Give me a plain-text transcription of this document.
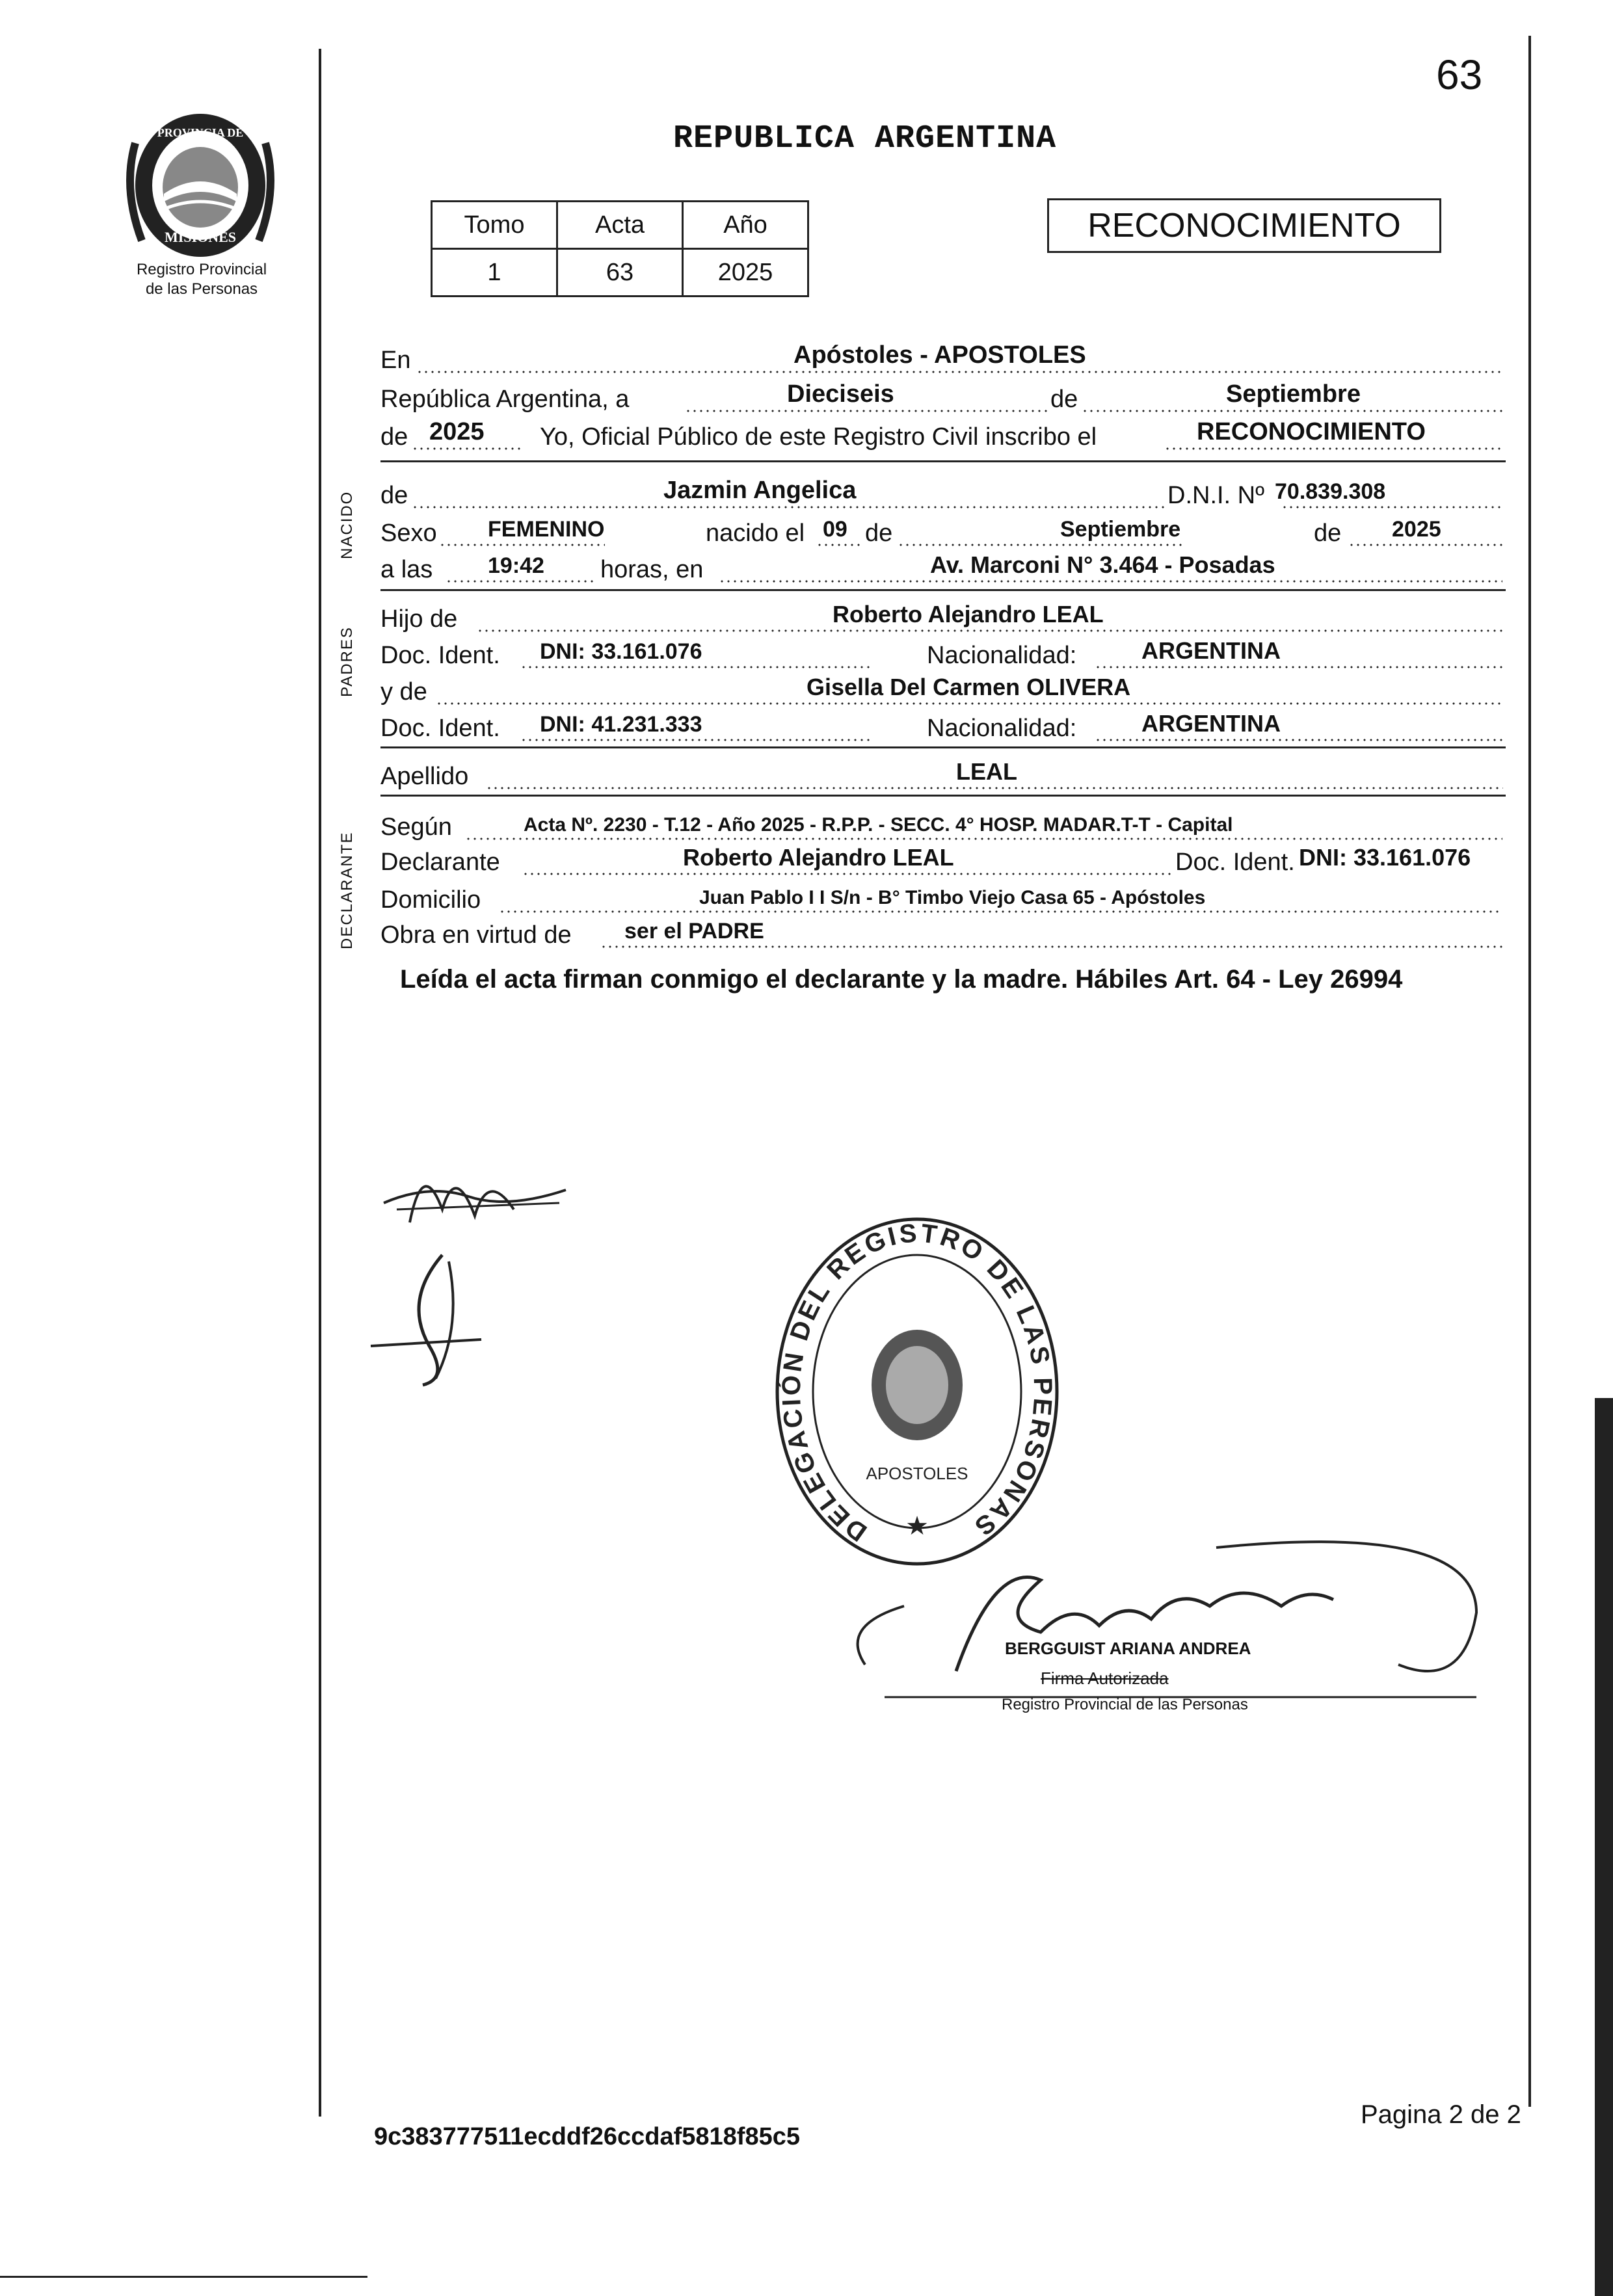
63
REPUBLICA ARGENTINA
PROVINCIA DE
MISIONES
Registro Provincial
de las Personas
Tomo	Acta	Año
1	63	2025
RECONOCIMIENTO
En	Apóstoles - APOSTOLES
República Argentina, a	Dieciseis	de	Septiembre
de 2025 Yo, Oficial Público de este Registro Civil inscribo el	RECONOCIMIENTO
NACIDO de	Jazmin Angelica	D.N.I. Nº 70.839.308
Sexo FEMENINO	nacido el 09 de	Septiembre	de 2025
a las 19:42 horas, en	Av. Marconi N° 3.464 - Posadas
PADRES
Hijo de	Roberto Alejandro LEAL
Doc. Ident. DNI: 33.161.076	Nacionalidad:	ARGENTINA
y de	Gisella Del Carmen OLIVERA
Doc. Ident. DNI: 41.231.333	Nacionalidad:	ARGENTINA
Apellido	LEAL
DECLARANTE
Según	Acta Nº. 2230 - T.12 - Año 2025 - R.P.P. - SECC. 4° HOSP. MADAR.T-T - Capital
Declarante	Roberto Alejandro LEAL	Doc. Ident. DNI: 33.161.076
Domicilio	Juan Pablo I I S/n - B° Timbo Viejo Casa 65 - Apóstoles
Obra en virtud de ser el PADRE
Leída el acta firman conmigo el declarante y la madre. Hábiles Art. 64 - Ley 26994
DELEGACIÓN DEL REGISTRO DE LAS PERSONAS
APOSTOLES
★
BERGGUIST ARIANA ANDREA
Firma Autorizada
Registro Provincial de las Personas
9c383777511ecddf26ccdaf5818f85c5
Pagina 2 de 2
